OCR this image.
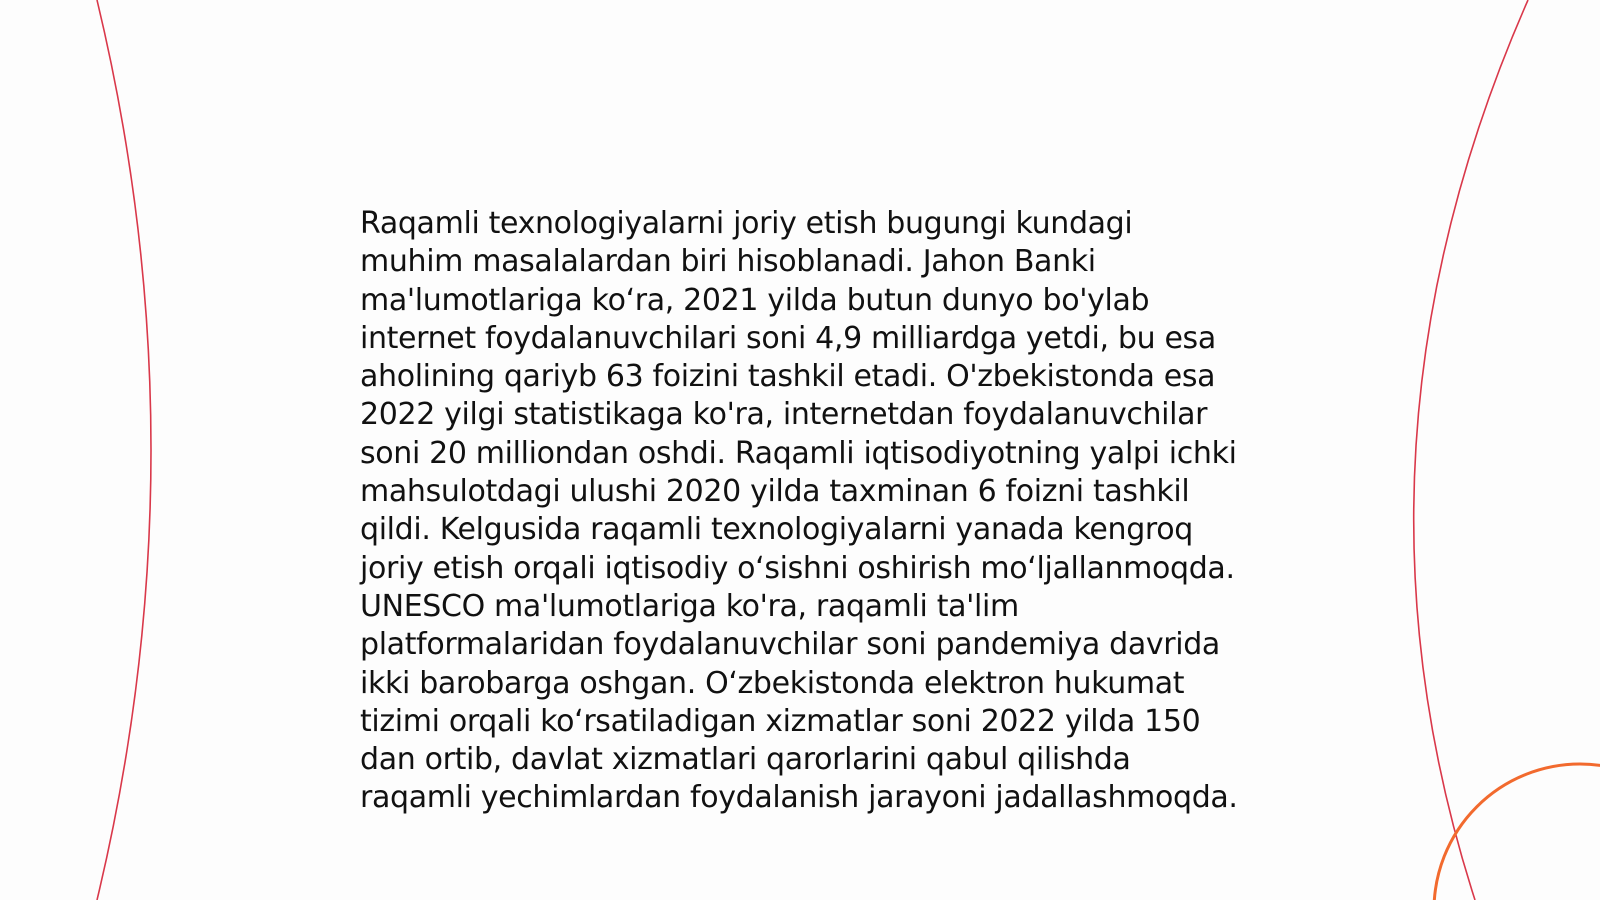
Raqamli texnologiyalarni joriy etish bugungi kundagi muhim masalalardan biri hisoblanadi. Jahon Banki ma'lumotlariga ko‘ra, 2021 yilda butun dunyo bo'ylab internet foydalanuvchilari soni 4,9 milliardga yetdi, bu esa aholining qariyb 63 foizini tashkil etadi. O'zbekistonda esa 2022 yilgi statistikaga ko'ra, internetdan foydalanuvchilar soni 20 milliondan oshdi. Raqamli iqtisodiyotning yalpi ichki mahsulotdagi ulushi 2020 yilda taxminan 6 foizni tashkil qildi. Kelgusida raqamli texnologiyalarni yanada kengroq joriy etish orqali iqtisodiy o‘sishni oshirish mo‘ljallanmoqda. UNESCO ma'lumotlariga ko'ra, raqamli ta'lim platformalaridan foydalanuvchilar soni pandemiya davrida ikki barobarga oshgan. O‘zbekistonda elektron hukumat tizimi orqali ko‘rsatiladigan xizmatlar soni 2022 yilda 150 dan ortib, davlat xizmatlari qarorlarini qabul qilishda raqamli yechimlardan foydalanish jarayoni jadallashmoqda.
